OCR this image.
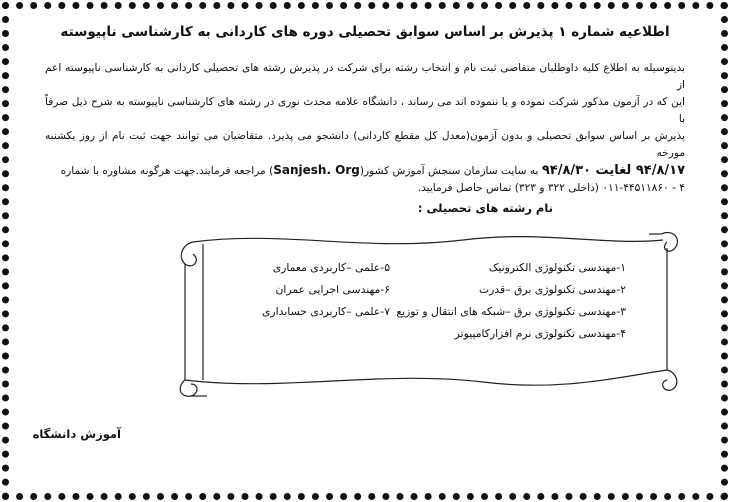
اطلاعیه شماره ۱ پذیرش بر اساس سوابق تحصیلی دوره های کاردانی به کارشناسی ناپیوسته

بدینوسیله به اطلاع کلیه داوطلبان متقاضی ثبت نام و انتخاب رشته برای شرکت در پذیرش رشته های تحصیلی کاردانی به کارشناسی ناپیوسته اعم از

این که در آزمون مذکور شرکت نموده و یا ننموده اند می رساند ، دانشگاه علامه محدث نوری در رشته های کارشناسی ناپیوسته به شرح ذیل صرفاً با

پذیرش بر اساس سوابق تحصیلی و بدون آزمون(معدل کل مقطع کاردانی) دانشجو می پذیرد. متقاضیان می توانند جهت ثبت نام از روز یکشنبه مورخه

۹۴/۸/۱۷ لغایت ۹۴/۸/۳۰ به سایت سازمان سنجش آموزش کشور(Sanjesh. Org) مراجعه فرمایند.جهت هرگونه مشاوره با شماره

۴ - ۰۱۱-۴۴۵۱۱۸۶۰ (داخلی ۳۲۲ و ۳۲۳) تماس حاصل فرمایید.

نام رشته های تحصیلی :
۱-مهندسی تکنولوژی الکترونیک
۲-مهندسی تکنولوژی برق –قدرت
۳-مهندسی تکنولوژی برق –شبکه های انتقال و توزیع
۴-مهندسی تکنولوژی نرم افزارکامپیوتر
۵-علمی –کاربردی معماری
۶-مهندسی اجرایی عمران
۷-علمی –کاربردی حسابداری
آموزش دانشگاه
